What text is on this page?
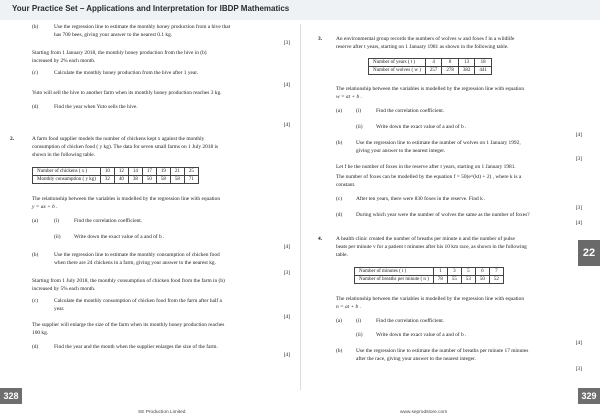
Your Practice Set – Applications and Interpretation for IBDP Mathematics
(b)	Use the regression line to estimate the monthly honey production from a hive that
has 700 bees, giving your answer to the nearest 0.1 kg.
[3]
Starting from 1 January 2018, the monthly honey production from the hive in (b)
increased by 2% each month.
(c)	Calculate the monthly honey production from the hive after 1 year.
[4]
Yuto will sell the hive to another farm when its monthly honey production reaches 3 kg.
(d)	Find the year when Yuto sells the hive.
[4]
2.	A farm food supplier models the number of chickens kept x against the monthly
consumption of chicken food ( y kg). The data for seven small farms on 1 July 2018 is
shown in the following table.
Number of chickens ( x )	10	12	14	17	19	21	25
Monthly consumption ( y kg)	32	40	38	50	58	58	71
The relationship between the variables is modelled by the regression line with equation
y = ax + b .
(a)	(i)	Find the correlation coefficient.
(ii) Write down the exact value of a and of b .
[4]
(b)	Use the regression line to estimate the monthly consumption of chicken food
when there are 24 chickens in a farm, giving your answer to the nearest kg.
[3]
Starting from 1 July 2018, the monthly consumption of chicken food from the farm in (b)
increased by 5% each month.
(c)	Calculate the monthly consumption of chicken food from the farm after half a
year.
[4]
The supplier will enlarge the size of the farm when its monthly honey production reaches
100 kg.
(d)	Find the year and the month when the supplier enlarges the size of the farm.
[4]
3.	An environmental group records the numbers of wolves w and foxes f in a wildlife
reserve after t years, starting on 1 January 1981 as shown in the following table.
Number of years ( t )	4	8	13	18
Number of wolves ( w )	257	278	382	441
The relationship between the variables is modelled by the regression line with equation
w = at + b .
(a)	(i)	Find the correlation coefficient.
(ii) Write down the exact value of a and of b .
[4]
(b)	Use the regression line to estimate the number of wolves on 1 January 1992,
giving your answer to the nearest integer.
[3]
Let f be the number of foxes in the reserve after t years, starting on 1 January 1981.
The number of foxes can be modelled by the equation f = 50(e^(kt) + 2) , where k is a
constant.
(c)	After ten years, there were 830 foxes in the reserve. Find k .
[3]
(d)	During which year were the number of wolves the same as the number of foxes?
[4]
4.	A health clinic created the number of breaths per minute n and the number of pulse
beats per minute v for a patient t minutes after his 10 km race, as shown in the following
table.
Number of minutes ( t )	1	3	5	6	7
Number of breaths per minute ( n )	78	55	53	50	52
The relationship between the variables is modelled by the regression line with equation
n = at + b .
(a)	(i)	Find the correlation coefficient.
(ii) Write down the exact value of a and of b .
[4]
(b)	Use the regression line to estimate the number of breaths per minute 17 minutes
after the race, giving your answer to the nearest integer.
[3]
22
328	329
SE Production Limited	www.seprodstore.com
